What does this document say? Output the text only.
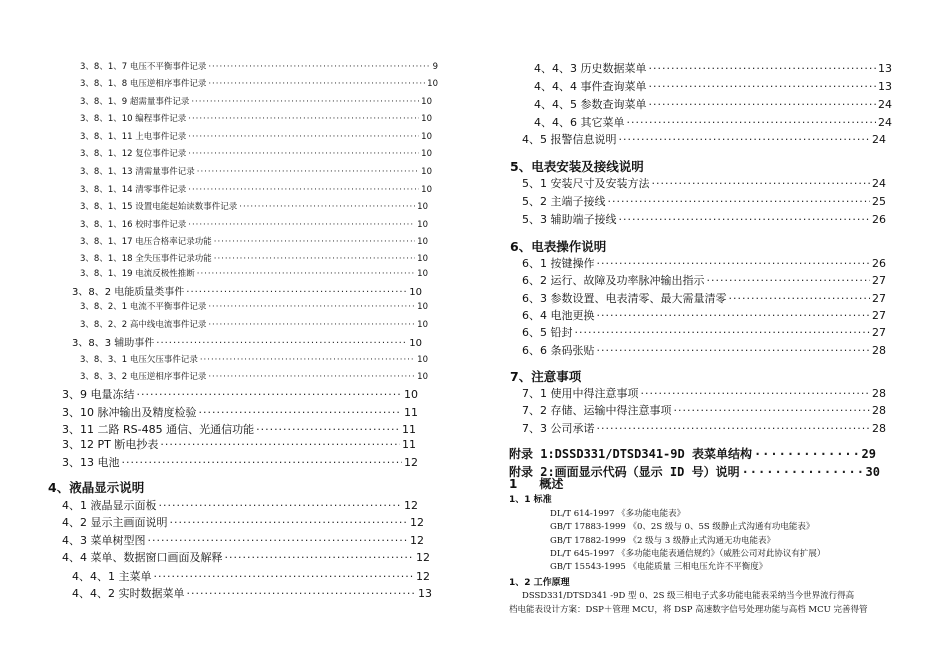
3、8、1、7 电压不平衡事件记录 ·····	9
3、8、1、8 电压逆相序事件记录 ·····	10
3、8、1、9 超需量事件记录 ·····	10
3、8、1、10 编程事件记录 ·····	10
3、8、1、11 上电事件记录 ·····	10
3、8、1、12 复位事件记录 ·····	10
3、8、1、13 清需量事件记录 ·····	10
3、8、1、14 清零事件记录 ·····	10
3、8、1、15 设置电能起始读数事件记录 ·····	10
3、8、1、16 校时事件记录 ·····	10
3、8、1、17 电压合格率记录功能 ·····	10
3、8、1、18 全失压事件记录功能 ·····	10
3、8、1、19 电流反极性推断 ·····	10
3、8、2 电能质量类事件 ·····	10
3、8、2、1 电流不平衡事件记录 ·····	10
3、8、2、2 高中线电流事件记录 ·····	10
3、8、3 辅助事件 ·····	10
3、8、3、1 电压欠压事件记录 ·····	10
3、8、3、2 电压逆相序事件记录 ·····	10
3、9 电量冻结 ·····	10
3、10 脉冲输出及精度检验 ·····	11
3、11 二路 RS-485 通信、光通信功能 ·····	11
3、12 PT 断电抄表 ·····	11
3、13 电池 ·····	12
4、液晶显示说明
4、1 液晶显示面板 ·····	12
4、2 显示主画面说明 ·····	12
4、3 菜单树型图 ·····	12
4、4 菜单、数据窗口画面及解释 ·····	12
4、4、1 主菜单 ·····	12
4、4、2 实时数据菜单 ·····	13
4、4、3 历史数据菜单 ·····	13
4、4、4 事件查询菜单 ·····	13
4、4、5 参数查询菜单 ·····	24
4、4、6 其它菜单 ·····	24
4、5 报警信息说明 ·····	24
5、电表安装及接线说明
5、1 安装尺寸及安装方法 ·····	24
5、2 主端子接线 ·····	25
5、3 辅助端子接线 ·····	26
6、电表操作说明
6、1 按键操作 ·····	26
6、2 运行、故障及功率脉冲输出指示 ·····	27
6、3 参数设置、电表清零、最大需量清零 ·····	27
6、4 电池更换 ·····	27
6、5 铅封 ·····	27
6、6 条码张贴 ·····	28
7、注意事项
7、1 使用中得注意事项 ·····	28
7、2 存储、运输中得注意事项 ·····	28
7、3 公司承诺 ·····	28
附录 1:DSSD331/DTSD341-9D 表菜单结构 ·····	29
附录 2:画面显示代码（显示 ID 号）说明 ·····	30
1 概述
1、1 标准
DL/T 614-1997 《多功能电能表》
GB/T 17883-1999 《0、2S 级与 0、5S 级静止式沟通有功电能表》
GB/T 17882-1999 《2 级与 3 级静止式沟通无功电能表》
DL/T 645-1997 《多功能电能表通信规约》（威胜公司对此协议有扩展）
GB/T 15543-1995 《电能质量 三相电压允许不平衡度》
1、2 工作原理
DSSD331/DTSD341 -9D 型 0、2S 级三相电子式多功能电能表采纳当今世界流行得高
档电能表设计方案：DSP＋管理 MCU，将 DSP 高速数字信号处理功能与高档 MCU 完善得管
